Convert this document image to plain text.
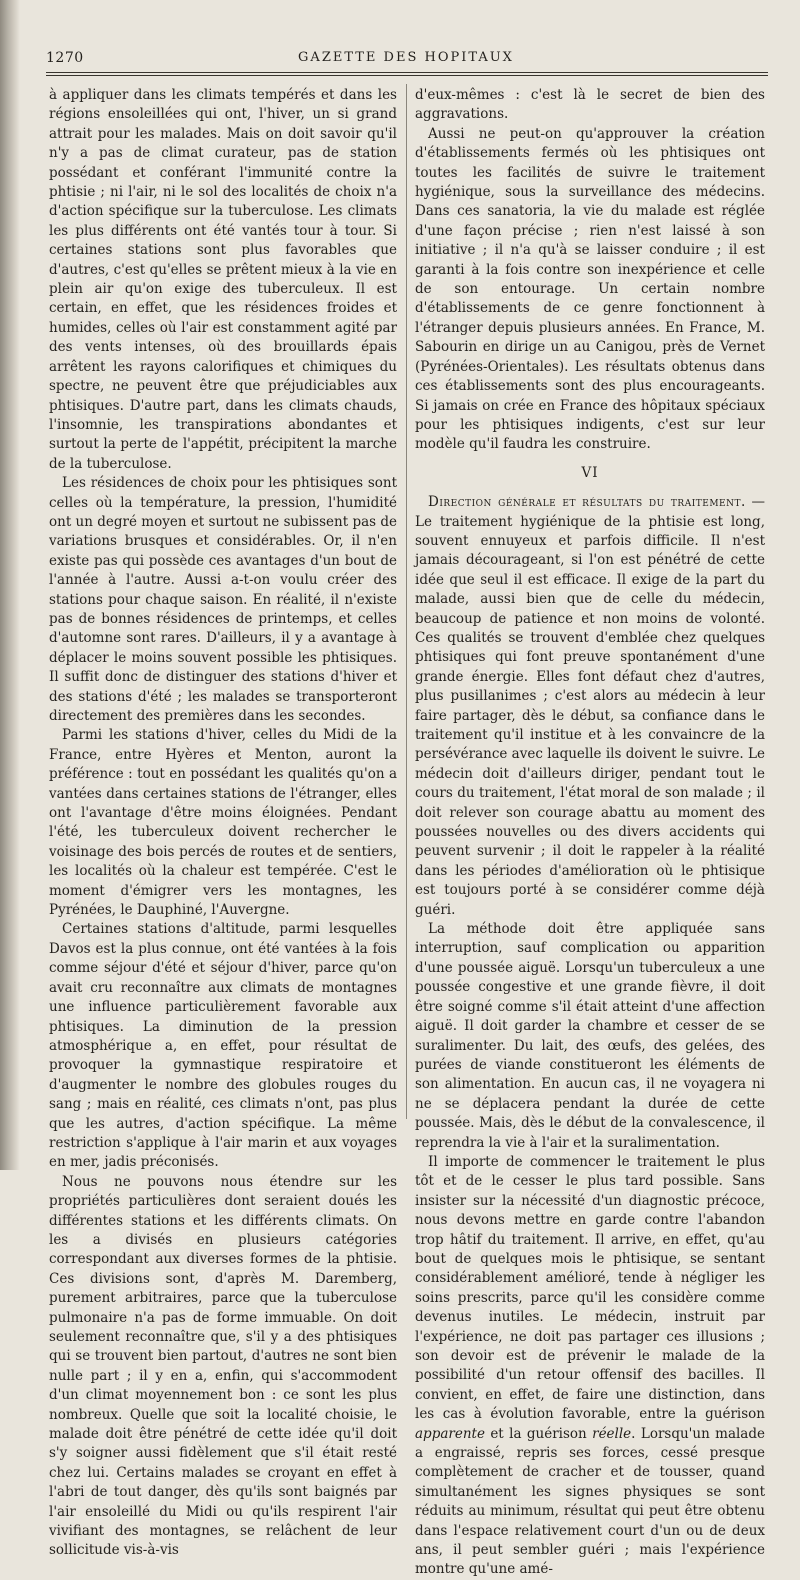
1270	GAZETTE DES HOPITAUX

à appliquer dans les climats tempérés et dans les régions ensoleillées qui ont, l'hiver, un si grand attrait pour les malades. Mais on doit savoir qu'il n'y a pas de climat curateur, pas de station possédant et conférant l'immunité contre la phtisie ; ni l'air, ni le sol des localités de choix n'a d'action spécifique sur la tuberculose. Les climats les plus différents ont été vantés tour à tour. Si certaines stations sont plus favorables que d'autres, c'est qu'elles se prêtent mieux à la vie en plein air qu'on exige des tuberculeux. Il est certain, en effet, que les résidences froides et humides, celles où l'air est constamment agité par des vents intenses, où des brouillards épais arrêtent les rayons calorifiques et chimiques du spectre, ne peuvent être que préjudiciables aux phtisiques. D'autre part, dans les climats chauds, l'insomnie, les transpirations abondantes et surtout la perte de l'appétit, précipitent la marche de la tuberculose.

Les résidences de choix pour les phtisiques sont celles où la température, la pression, l'humidité ont un degré moyen et surtout ne subissent pas de variations brusques et considérables. Or, il n'en existe pas qui possède ces avantages d'un bout de l'année à l'autre. Aussi a-t-on voulu créer des stations pour chaque saison. En réalité, il n'existe pas de bonnes résidences de printemps, et celles d'automne sont rares. D'ailleurs, il y a avantage à déplacer le moins souvent possible les phtisiques. Il suffit donc de distinguer des stations d'hiver et des stations d'été ; les malades se transporteront directement des premières dans les secondes.

Parmi les stations d'hiver, celles du Midi de la France, entre Hyères et Menton, auront la préférence : tout en possédant les qualités qu'on a vantées dans certaines stations de l'étranger, elles ont l'avantage d'être moins éloignées. Pendant l'été, les tuberculeux doivent rechercher le voisinage des bois percés de routes et de sentiers, les localités où la chaleur est tempérée. C'est le moment d'émigrer vers les montagnes, les Pyrénées, le Dauphiné, l'Auvergne.

Certaines stations d'altitude, parmi lesquelles Davos est la plus connue, ont été vantées à la fois comme séjour d'été et séjour d'hiver, parce qu'on avait cru reconnaître aux climats de montagnes une influence particulièrement favorable aux phtisiques. La diminution de la pression atmosphérique a, en effet, pour résultat de provoquer la gymnastique respiratoire et d'augmenter le nombre des globules rouges du sang ; mais en réalité, ces climats n'ont, pas plus que les autres, d'action spécifique. La même restriction s'applique à l'air marin et aux voyages en mer, jadis préconisés.

Nous ne pouvons nous étendre sur les propriétés particulières dont seraient doués les différentes stations et les différents climats. On les a divisés en plusieurs catégories correspondant aux diverses formes de la phtisie. Ces divisions sont, d'après M. Daremberg, purement arbitraires, parce que la tuberculose pulmonaire n'a pas de forme immuable. On doit seulement reconnaître que, s'il y a des phtisiques qui se trouvent bien partout, d'autres ne sont bien nulle part ; il y en a, enfin, qui s'accommodent d'un climat moyennement bon : ce sont les plus nombreux. Quelle que soit la localité choisie, le malade doit être pénétré de cette idée qu'il doit s'y soigner aussi fidèlement que s'il était resté chez lui. Certains malades se croyant en effet à l'abri de tout danger, dès qu'ils sont baignés par l'air ensoleillé du Midi ou qu'ils respirent l'air vivifiant des montagnes, se relâchent de leur sollicitude vis-à-vis

d'eux-mêmes : c'est là le secret de bien des aggravations.

Aussi ne peut-on qu'approuver la création d'établissements fermés où les phtisiques ont toutes les facilités de suivre le traitement hygiénique, sous la surveillance des médecins. Dans ces sanatoria, la vie du malade est réglée d'une façon précise ; rien n'est laissé à son initiative ; il n'a qu'à se laisser conduire ; il est garanti à la fois contre son inexpérience et celle de son entourage. Un certain nombre d'établissements de ce genre fonctionnent à l'étranger depuis plusieurs années. En France, M. Sabourin en dirige un au Canigou, près de Vernet (Pyrénées-Orientales). Les résultats obtenus dans ces établissements sont des plus encourageants. Si jamais on crée en France des hôpitaux spéciaux pour les phtisiques indigents, c'est sur leur modèle qu'il faudra les construire.

VI

Direction générale et résultats du traitement. — Le traitement hygiénique de la phtisie est long, souvent ennuyeux et parfois difficile. Il n'est jamais décourageant, si l'on est pénétré de cette idée que seul il est efficace. Il exige de la part du malade, aussi bien que de celle du médecin, beaucoup de patience et non moins de volonté. Ces qualités se trouvent d'emblée chez quelques phtisiques qui font preuve spontanément d'une grande énergie. Elles font défaut chez d'autres, plus pusillanimes ; c'est alors au médecin à leur faire partager, dès le début, sa confiance dans le traitement qu'il institue et à les convaincre de la persévérance avec laquelle ils doivent le suivre. Le médecin doit d'ailleurs diriger, pendant tout le cours du traitement, l'état moral de son malade ; il doit relever son courage abattu au moment des poussées nouvelles ou des divers accidents qui peuvent survenir ; il doit le rappeler à la réalité dans les périodes d'amélioration où le phtisique est toujours porté à se considérer comme déjà guéri.

La méthode doit être appliquée sans interruption, sauf complication ou apparition d'une poussée aiguë. Lorsqu'un tuberculeux a une poussée congestive et une grande fièvre, il doit être soigné comme s'il était atteint d'une affection aiguë. Il doit garder la chambre et cesser de se suralimenter. Du lait, des œufs, des gelées, des purées de viande constitueront les éléments de son alimentation. En aucun cas, il ne voyagera ni ne se déplacera pendant la durée de cette poussée. Mais, dès le début de la convalescence, il reprendra la vie à l'air et la suralimentation.

Il importe de commencer le traitement le plus tôt et de le cesser le plus tard possible. Sans insister sur la nécessité d'un diagnostic précoce, nous devons mettre en garde contre l'abandon trop hâtif du traitement. Il arrive, en effet, qu'au bout de quelques mois le phtisique, se sentant considérablement amélioré, tende à négliger les soins prescrits, parce qu'il les considère comme devenus inutiles. Le médecin, instruit par l'expérience, ne doit pas partager ces illusions ; son devoir est de prévenir le malade de la possibilité d'un retour offensif des bacilles. Il convient, en effet, de faire une distinction, dans les cas à évolution favorable, entre la guérison apparente et la guérison réelle. Lorsqu'un malade a engraissé, repris ses forces, cessé presque complètement de cracher et de tousser, quand simultanément les signes physiques se sont réduits au minimum, résultat qui peut être obtenu dans l'espace relativement court d'un ou de deux ans, il peut sembler guéri ; mais l'expérience montre qu'une amé-
